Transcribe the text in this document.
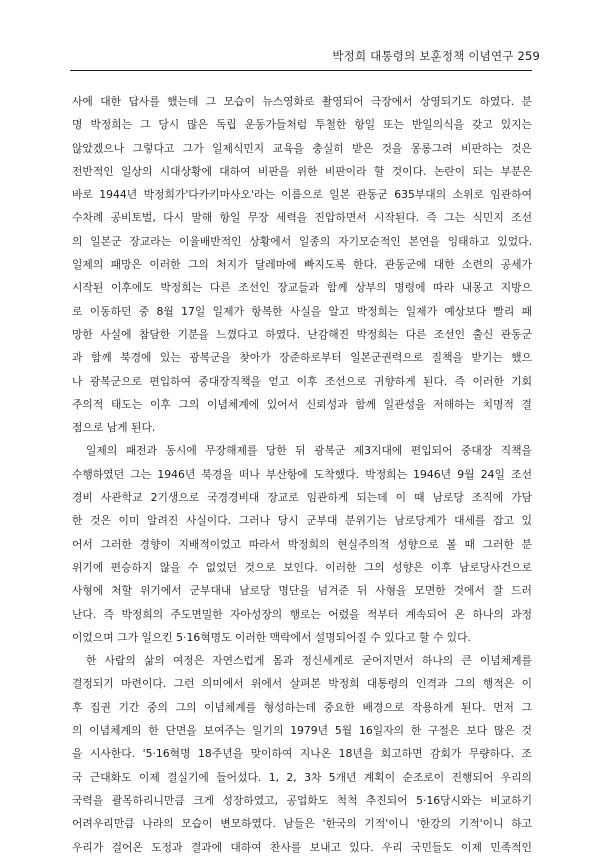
박정희 대통령의 보훈정책 이념연구 259

사에 대한 답사를 했는데 그 모습이 뉴스영화로 촬영되어 극장에서 상영되기도 하였다. 분
명 박정희는 그 당시 많은 독립 운동가들처럼 투철한 항일 또는 반일의식을 갖고 있지는
않았겠으나 그렇다고 그가 일제식민지 교육을 충실히 받은 것을 몽롱그려 비판하는 것은
전반적인 일상의 시대상황에 대하여 비판을 위한 비판이라 할 것이다. 논란이 되는 부분은
바로 1944년 박정희가'다카키마사오'라는 이름으로 일본 관동군 635부대의 소위로 임관하여
수차례 공비토벌, 다시 말해 항일 무장 세력을 진압하면서 시작된다. 즉 그는 식민지 조선
의 일본군 장교라는 이율배반적인 상황에서 일종의 자기모순적인 본연을 잉태하고 있었다.
일제의 패망은 이러한 그의 처지가 달레마에 빠지도록 한다. 관동군에 대한 소련의 공세가
시작된 이후에도 박정희는 다른 조선인 장교들과 함께 상부의 명령에 따라 내몽고 지방으
로 이동하던 중 8월 17일 일제가 항복한 사실을 알고 박정희는 일제가 예상보다 빨리 패
망한 사실에 참담한 기분을 느꼈다고 하였다. 난감해진 박정희는 다른 조선인 출신 관동군
과 함께 북경에 있는 광복군을 찾아가 장준하로부터 일본군권력으로 질책을 받기는 했으
나 광복군으로 편입하여 중대장직책을 얻고 이후 조선으로 귀향하게 된다. 즉 이러한 기회
주의적 태도는 이후 그의 이념체계에 있어서 신뢰성과 함께 일관성을 저해하는 치명적 결
점으로 남게 된다.

일제의 패전과 동시에 무장해제를 당한 뒤 광복군 제3지대에 편입되어 중대장 직책을
수행하였던 그는 1946년 북경을 떠나 부산항에 도착했다. 박정희는 1946년 9월 24일 조선
경비 사관학교 2기생으로 국경경비대 장교로 임관하게 되는데 이 때 남로당 조직에 가담
한 것은 이미 알려진 사실이다. 그러나 당시 군부대 분위기는 남로당계가 대세를 잡고 있
어서 그러한 경향이 지배적이었고 따라서 박정희의 현실주의적 성향으로 볼 때 그러한 분
위기에 편승하지 않을 수 없었던 것으로 보인다. 이러한 그의 성향은 이후 남로당사건으로
사형에 처할 위기에서 군부대내 남로당 명단을 넘겨준 뒤 사형을 모면한 것에서 잘 드러
난다. 즉 박정희의 주도면밀한 자아성장의 행로는 어렸을 적부터 계속되어 온 하나의 과정
이었으며 그가 일으킨 5·16혁명도 이러한 맥락에서 설명되어질 수 있다고 할 수 있다.

한 사람의 삶의 여정은 자연스럽게 몸과 정신세계로 굳어지면서 하나의 큰 이념체계를
결정되기 마련이다. 그런 의미에서 위에서 살펴본 박정희 대통령의 인격과 그의 행적은 이
후 집권 기간 중의 그의 이념체계를 형성하는데 중요한 배경으로 작용하게 된다. 먼저 그
의 이념체계의 한 단면을 보여주는 일기의 1979년 5월 16일자의 한 구절은 보다 많은 것
을 시사한다. '5·16혁명 18주년을 맞이하여 지나온 18년을 회고하면 감회가 무량하다. 조
국 근대화도 이제 결실기에 들어섰다. 1, 2, 3차 5개년 계획이 순조로이 진행되어 우리의
국력을 괄목하리니만큼 크게 성장하였고, 공업화도 척척 추진되어 5·16당시와는 비교하기
어려우리만큼 나라의 모습이 변모하였다. 남들은 '한국의 기적'이니 '한강의 기적'이니 하고
우리가 걸어온 도정과 결과에 대하여 찬사를 보내고 있다. 우리 국민들도 이제 민족적인
